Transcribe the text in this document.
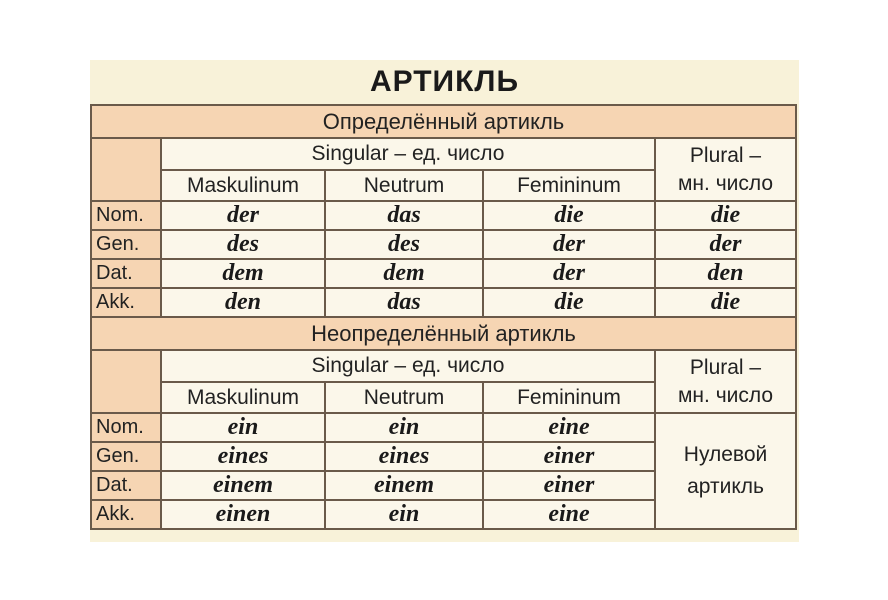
АРТИКЛЬ
Определённый артикль				
	Singular – ед. число			Plural –
мн. число
	Maskulinum	Neutrum	Femininum	
Nom.	der	das	die	die
Gen.	des	des	der	der
Dat.	dem	dem	der	den
Akk.	den	das	die	die
Неопределённый артикль				
	Singular – ед. число			Plural –
мн. число
	Maskulinum	Neutrum	Femininum	
Nom.	ein	ein	eine	Нулевой
артикль
Gen.	eines	eines	einer	
Dat.	einem	einem	einer	
Akk.	einen	ein	eine	
